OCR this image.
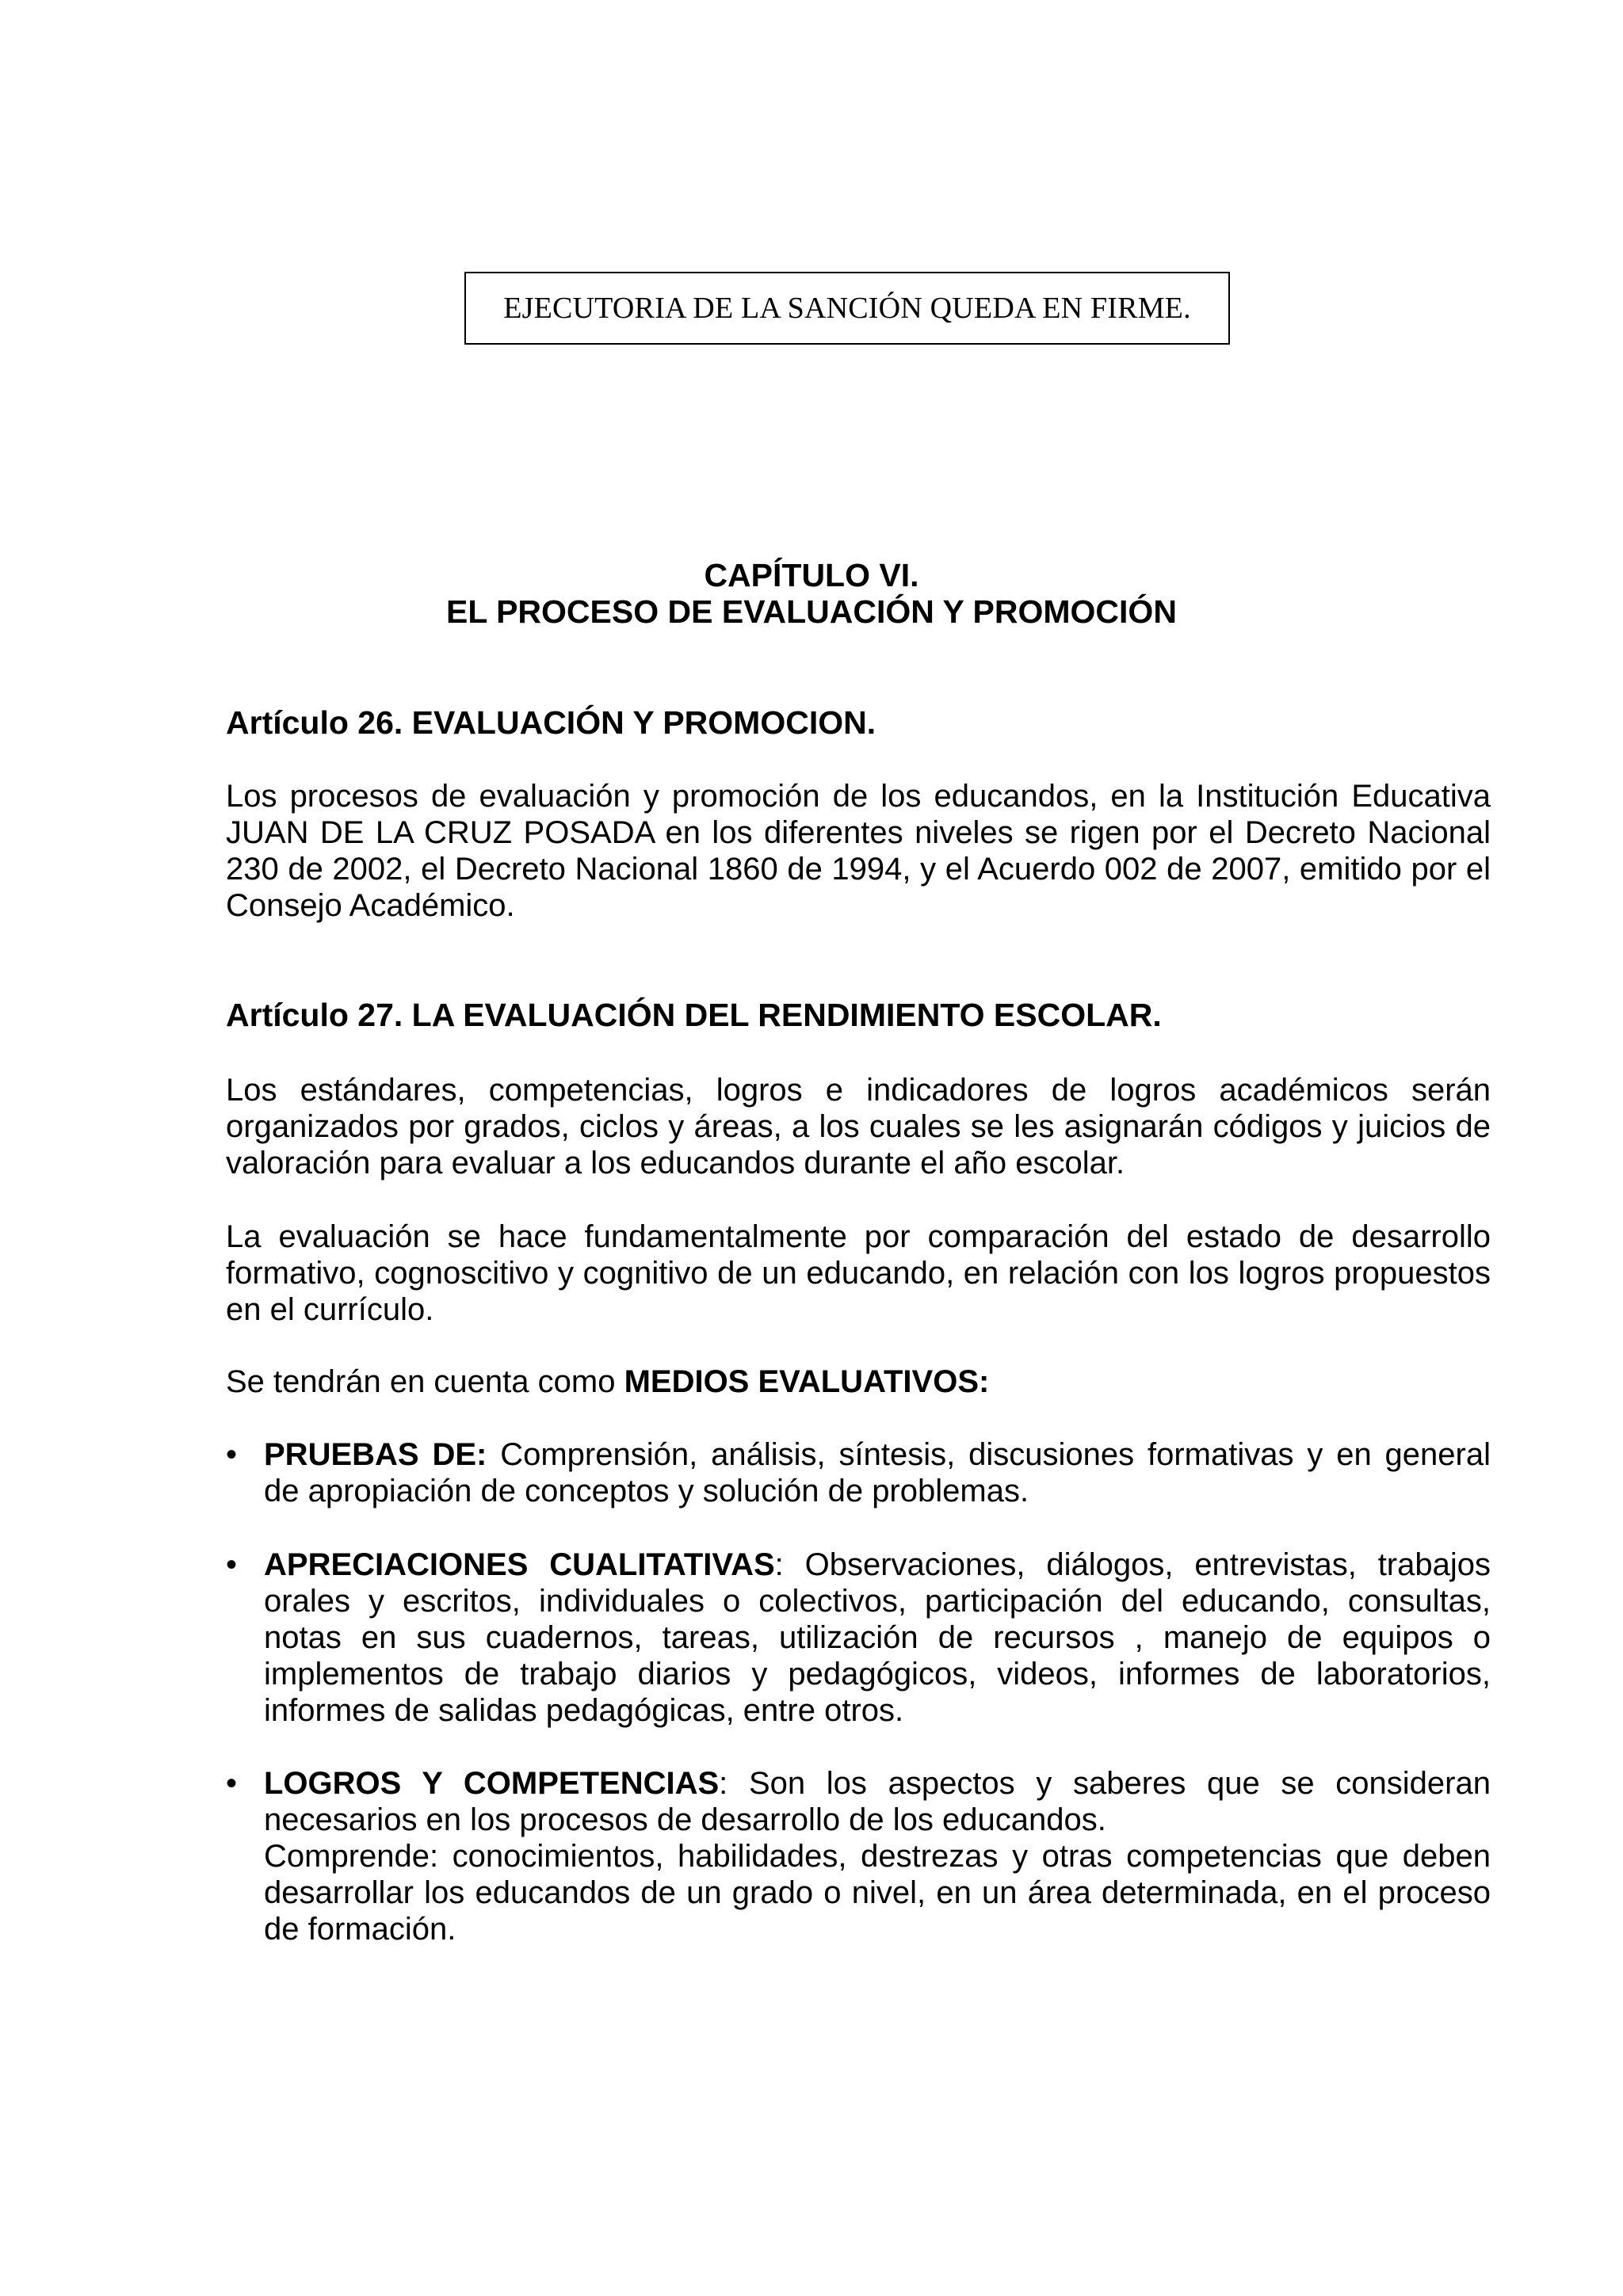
EJECUTORIA DE LA SANCIÓN QUEDA EN FIRME.
CAPÍTULO VI.
EL PROCESO DE EVALUACIÓN Y PROMOCIÓN
Artículo 26. EVALUACIÓN Y PROMOCION.
Los procesos de evaluación y promoción de los educandos, en la Institución Educativa JUAN DE LA CRUZ POSADA en los diferentes niveles se rigen por el Decreto Nacional 230 de 2002, el Decreto Nacional 1860 de 1994, y el Acuerdo 002 de 2007, emitido por el Consejo Académico.
Artículo 27. LA EVALUACIÓN DEL RENDIMIENTO ESCOLAR.
Los estándares, competencias, logros e indicadores de logros académicos serán organizados por grados, ciclos y áreas, a los cuales se les asignarán códigos y juicios de valoración para evaluar a los educandos durante el año escolar.
La evaluación se hace fundamentalmente por comparación del estado de desarrollo formativo, cognoscitivo y cognitivo de un educando, en relación con los logros propuestos en el currículo.
Se tendrán en cuenta como MEDIOS EVALUATIVOS:
• PRUEBAS DE: Comprensión, análisis, síntesis, discusiones formativas y en general de apropiación de conceptos y solución de problemas.
• APRECIACIONES CUALITATIVAS: Observaciones, diálogos, entrevistas, trabajos orales y escritos, individuales o colectivos, participación del educando, consultas, notas en sus cuadernos, tareas, utilización de recursos , manejo de equipos o implementos de trabajo diarios y pedagógicos, videos, informes de laboratorios, informes de salidas pedagógicas, entre otros.
• LOGROS Y COMPETENCIAS: Son los aspectos y saberes que se consideran necesarios en los procesos de desarrollo de los educandos.
Comprende: conocimientos, habilidades, destrezas y otras competencias que deben desarrollar los educandos de un grado o nivel, en un área determinada, en el proceso de formación.
